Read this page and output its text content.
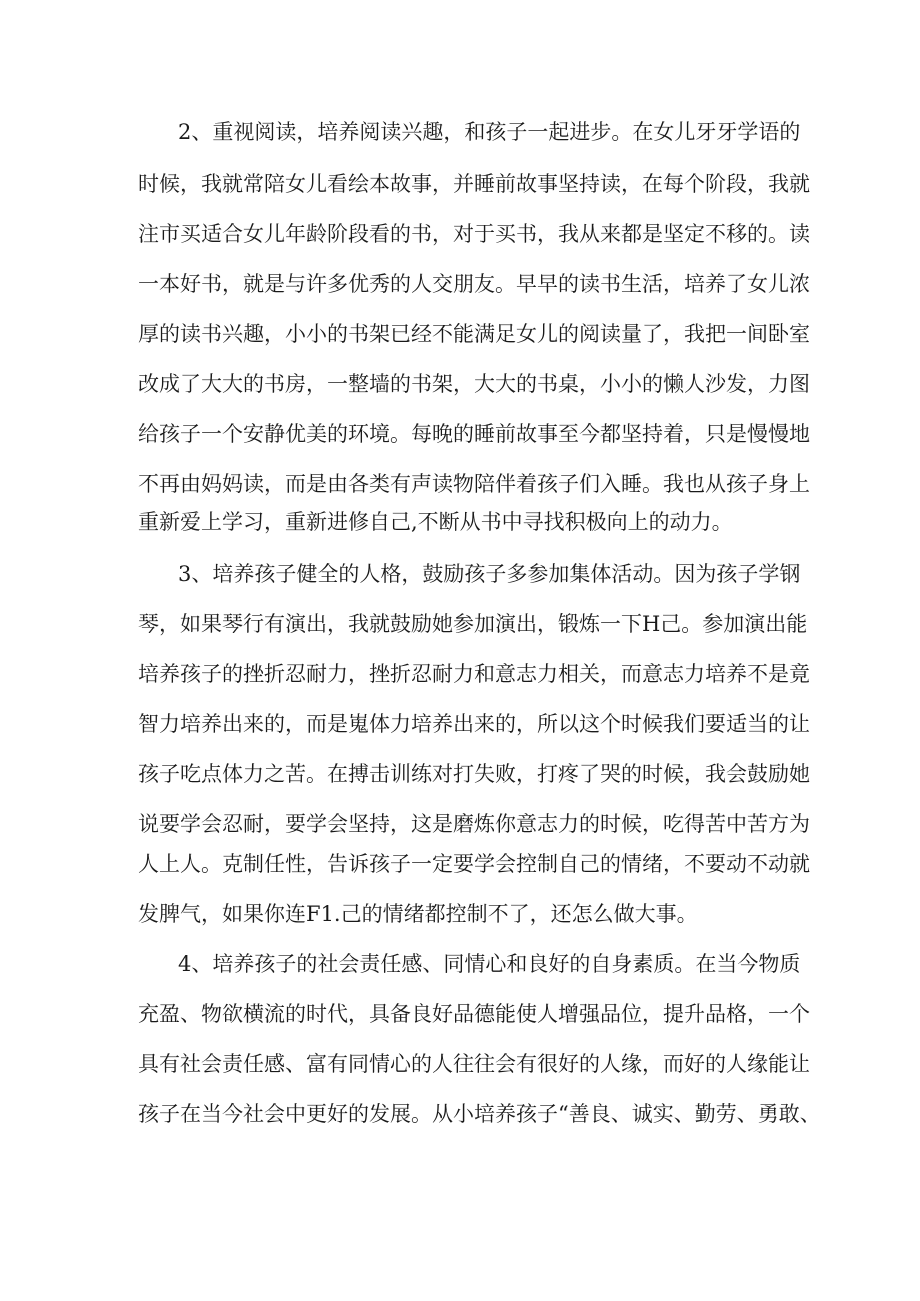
2、重视阅读，培养阅读兴趣，和孩子一起进步。在女儿牙牙学语的
时候，我就常陪女儿看绘本故事，并睡前故事坚持读，在每个阶段，我就
注市买适合女儿年龄阶段看的书，对于买书，我从来都是坚定不移的。读
一本好书，就是与许多优秀的人交朋友。早早的读书生活，培养了女儿浓
厚的读书兴趣，小小的书架已经不能满足女儿的阅读量了，我把一间卧室
改成了大大的书房，一整墙的书架，大大的书桌，小小的懒人沙发，力图
给孩子一个安静优美的环境。每晚的睡前故事至今都坚持着，只是慢慢地
不再由妈妈读，而是由各类有声读物陪伴着孩子们入睡。我也从孩子身上
重新爱上学习，重新进修自己,不断从书中寻找积极向上的动力。
3、培养孩子健全的人格，鼓励孩子多参加集体活动。因为孩子学钢
琴，如果琴行有演出，我就鼓励她参加演出，锻炼一下H己。参加演出能
培养孩子的挫折忍耐力，挫折忍耐力和意志力相关，而意志力培养不是竟
智力培养出来的，而是嵬体力培养出来的，所以这个时候我们要适当的让
孩子吃点体力之苦。在搏击训练对打失败，打疼了哭的时候，我会鼓励她
说要学会忍耐，要学会坚持，这是磨炼你意志力的时候，吃得苦中苦方为
人上人。克制任性，告诉孩子一定要学会控制自己的情绪，不要动不动就
发脾气，如果你连F1.己的情绪都控制不了，还怎么做大事。
4、培养孩子的社会责任感、同情心和良好的自身素质。在当今物质
充盈、物欲横流的时代，具备良好品德能使人增强品位，提升品格，一个
具有社会责任感、富有同情心的人往往会有很好的人缘，而好的人缘能让
孩子在当今社会中更好的发展。从小培养孩子“善良、诚实、勤劳、勇敢、
